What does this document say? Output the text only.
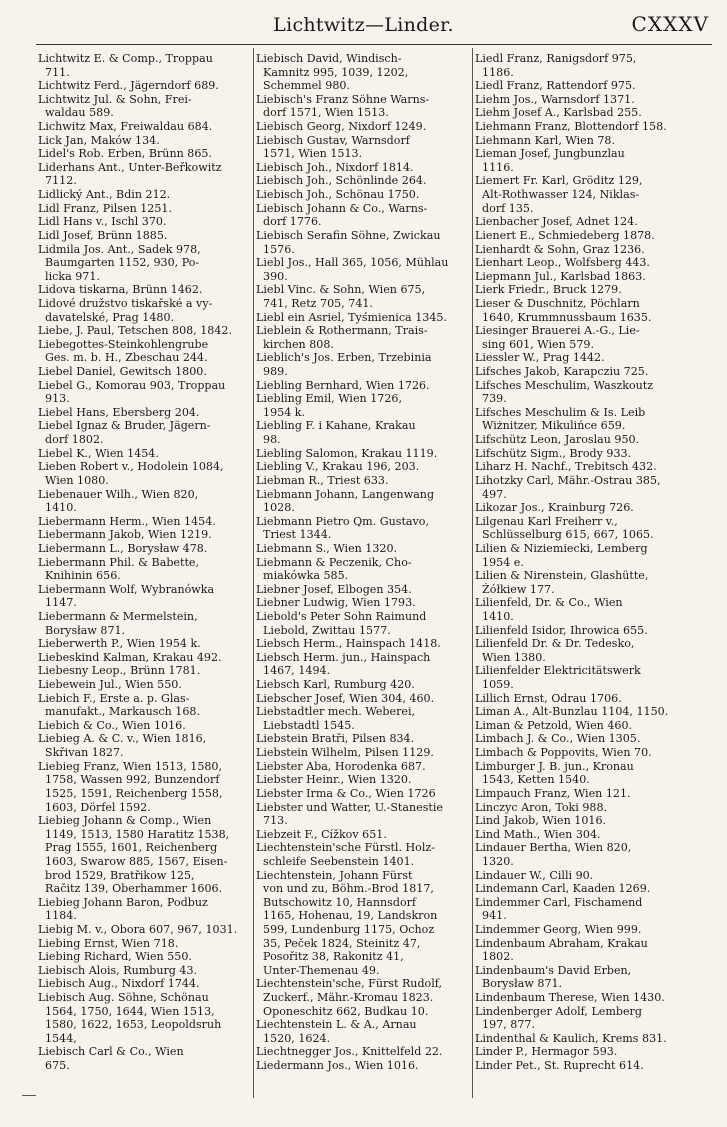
Lichtwitz—Linder.	CXXXV
Lichtwitz E. & Comp., Troppau
711.
Lichtwitz Ferd., Jägerndorf 689.
Lichtwitz Jul. & Sohn, Frei-
waldau 589.
Lichwitz Max, Freiwaldau 684.
Lick Jan, Maków 134.
Lidel's Rob. Erben, Brünn 865.
Liderhans Ant., Unter-Beřkowitz
7112.
Lidlický Ant., Bdin 212.
Lidl Franz, Pilsen 1251.
Lidl Hans v., Ischl 370.
Lidl Josef, Brünn 1885.
Lidmila Jos. Ant., Sadek 978,
Baumgarten 1152, 930, Po-
licka 971.
Lidova tiskarna, Brünn 1462.
Lidové družstvo tiskařské a vy-
davatelské, Prag 1480.
Liebe, J. Paul, Tetschen 808, 1842.
Liebegottes-Steinkohlengrube
Ges. m. b. H., Zbeschau 244.
Liebel Daniel, Gewitsch 1800.
Liebel G., Komorau 903, Troppau
913.
Liebel Hans, Ebersberg 204.
Liebel Ignaz & Bruder, Jägern-
dorf 1802.
Liebel K., Wien 1454.
Lieben Robert v., Hodolein 1084,
Wien 1080.
Liebenauer Wilh., Wien 820,
1410.
Liebermann Herm., Wien 1454.
Liebermann Jakob, Wien 1219.
Liebermann L., Borysław 478.
Liebermann Phil. & Babette,
Knihinin 656.
Liebermann Wolf, Wybranówka
1147.
Liebermann & Mermelstein,
Borysław 871.
Lieberwerth P., Wien 1954 k.
Liebeskind Kalman, Krakau 492.
Liebesny Leop., Brünn 1781.
Liebewein Jul., Wien 550.
Liebich F., Erste a. p. Glas-
manufakt., Markausch 168.
Liebich & Co., Wien 1016.
Liebieg A. & C. v., Wien 1816,
Skřivan 1827.
Liebieg Franz, Wien 1513, 1580,
1758, Wassen 992, Bunzendorf
1525, 1591, Reichenberg 1558,
1603, Dörfel 1592.
Liebieg Johann & Comp., Wien
1149, 1513, 1580 Haratitz 1538,
Prag 1555, 1601, Reichenberg
1603, Swarow 885, 1567, Eisen-
brod 1529, Bratřikow 125,
Račitz 139, Oberhammer 1606.
Liebieg Johann Baron, Podbuz
1184.
Liebig M. v., Obora 607, 967, 1031.
Liebing Ernst, Wien 718.
Liebing Richard, Wien 550.
Liebisch Alois, Rumburg 43.
Liebisch Aug., Nixdorf 1744.
Liebisch Aug. Söhne, Schönau
1564, 1750, 1644, Wien 1513,
1580, 1622, 1653, Leopoldsruh
1544,
Liebisch Carl & Co., Wien
675.
Liebisch David, Windisch-
Kamnitz 995, 1039, 1202,
Schemmel 980.
Liebisch's Franz Söhne Warns-
dorf 1571, Wien 1513.
Liebisch Georg, Nixdorf 1249.
Liebisch Gustav, Warnsdorf
1571, Wien 1513.
Liebisch Joh., Nixdorf 1814.
Liebisch Joh., Schönlinde 264.
Liebisch Joh., Schönau 1750.
Liebisch Johann & Co., Warns-
dorf 1776.
Liebisch Serafin Söhne, Zwickau
1576.
Liebl Jos., Hall 365, 1056, Mühlau
390.
Liebl Vinc. & Sohn, Wien 675,
741, Retz 705, 741.
Liebl ein Asriel, Tyśmienica 1345.
Lieblein & Rothermann, Trais-
kirchen 808.
Lieblich's Jos. Erben, Trzebinia
989.
Liebling Bernhard, Wien 1726.
Liebling Emil, Wien 1726,
1954 k.
Liebling F. i Kahane, Krakau
98.
Liebling Salomon, Krakau 1119.
Liebling V., Krakau 196, 203.
Liebman R., Triest 633.
Liebmann Johann, Langenwang
1028.
Liebmann Pietro Qm. Gustavo,
Triest 1344.
Liebmann S., Wien 1320.
Liebmann & Peczenik, Cho-
miakówka 585.
Liebner Josef, Elbogen 354.
Liebner Ludwig, Wien 1793.
Liebold's Peter Sohn Raimund
Liebold, Zwittau 1577.
Liebsch Herm., Hainspach 1418.
Liebsch Herm. jun., Hainspach
1467, 1494.
Liebsch Karl, Rumburg 420.
Liebscher Josef, Wien 304, 460.
Liebstadtler mech. Weberei,
Liebstadtl 1545.
Liebstein Bratři, Pilsen 834.
Liebstein Wilhelm, Pilsen 1129.
Liebster Aba, Horodenka 687.
Liebster Heinr., Wien 1320.
Liebster Irma & Co., Wien 1726
Liebster und Watter, U.-Stanestie
713.
Liebzeit F., Cížkov 651.
Liechtenstein'sche Fürstl. Holz-
schleife Seebenstein 1401.
Liechtenstein, Johann Fürst
von und zu, Böhm.-Brod 1817,
Butschowitz 10, Hannsdorf
1165, Hohenau, 19, Landskron
599, Lundenburg 1175, Ochoz
35, Peček 1824, Steinitz 47,
Posořitz 38, Rakonitz 41,
Unter-Themenau 49.
Liechtenstein'sche, Fürst Rudolf,
Zuckerf., Mähr.-Kromau 1823.
Oponeschitz 662, Budkau 10.
Liechtenstein L. & A., Arnau
1520, 1624.
Liechtnegger Jos., Knittelfeld 22.
Liedermann Jos., Wien 1016.
Liedl Franz, Ranigsdorf 975,
1186.
Liedl Franz, Rattendorf 975.
Liehm Jos., Warnsdorf 1371.
Liehm Josef A., Karlsbad 255.
Liehmann Franz, Blottendorf 158.
Liehmann Karl, Wien 78.
Lieman Josef, Jungbunzlau
1116.
Liemert Fr. Karl, Gröditz 129,
Alt-Rothwasser 124, Niklas-
dorf 135.
Lienbacher Josef, Adnet 124.
Lienert E., Schmiedeberg 1878.
Lienhardt & Sohn, Graz 1236.
Lienhart Leop., Wolfsberg 443.
Liepmann Jul., Karlsbad 1863.
Lierk Friedr., Bruck 1279.
Lieser & Duschnitz, Pöchlarn
1640, Krummnussbaum 1635.
Liesinger Brauerei A.-G., Lie-
sing 601, Wien 579.
Liessler W., Prag 1442.
Lifsches Jakob, Karapcziu 725.
Lifsches Meschulim, Waszkoutz
739.
Lifsches Meschulim & Is. Leib
Wiżnitzer, Mikulińce 659.
Lifschütz Leon, Jaroslau 950.
Lifschütz Sigm., Brody 933.
Liharz H. Nachf., Trebitsch 432.
Lihotzky Carl, Mähr.-Ostrau 385,
497.
Likozar Jos., Krainburg 726.
Lilgenau Karl Freiherr v.,
Schlüsselburg 615, 667, 1065.
Lilien & Niziemiecki, Lemberg
1954 e.
Lilien & Nirenstein, Glashütte,
Żółkiew 177.
Lilienfeld, Dr. & Co., Wien
1410.
Lilienfeld Isidor, Ihrowica 655.
Lilienfeld Dr. & Dr. Tedesko,
Wien 1380.
Lilienfelder Elektricitätswerk
1059.
Lillich Ernst, Odrau 1706.
Liman A., Alt-Bunzlau 1104, 1150.
Liman & Petzold, Wien 460.
Limbach J. & Co., Wien 1305.
Limbach & Poppovits, Wien 70.
Limburger J. B. jun., Kronau
1543, Ketten 1540.
Limpauch Franz, Wien 121.
Linczyc Aron, Toki 988.
Lind Jakob, Wien 1016.
Lind Math., Wien 304.
Lindauer Bertha, Wien 820,
1320.
Lindauer W., Cilli 90.
Lindemann Carl, Kaaden 1269.
Lindemmer Carl, Fischamend
941.
Lindemmer Georg, Wien 999.
Lindenbaum Abraham, Krakau
1802.
Lindenbaum's David Erben,
Borysław 871.
Lindenbaum Therese, Wien 1430.
Lindenberger Adolf, Lemberg
197, 877.
Lindenthal & Kaulich, Krems 831.
Linder P., Hermagor 593.
Linder Pet., St. Ruprecht 614.
